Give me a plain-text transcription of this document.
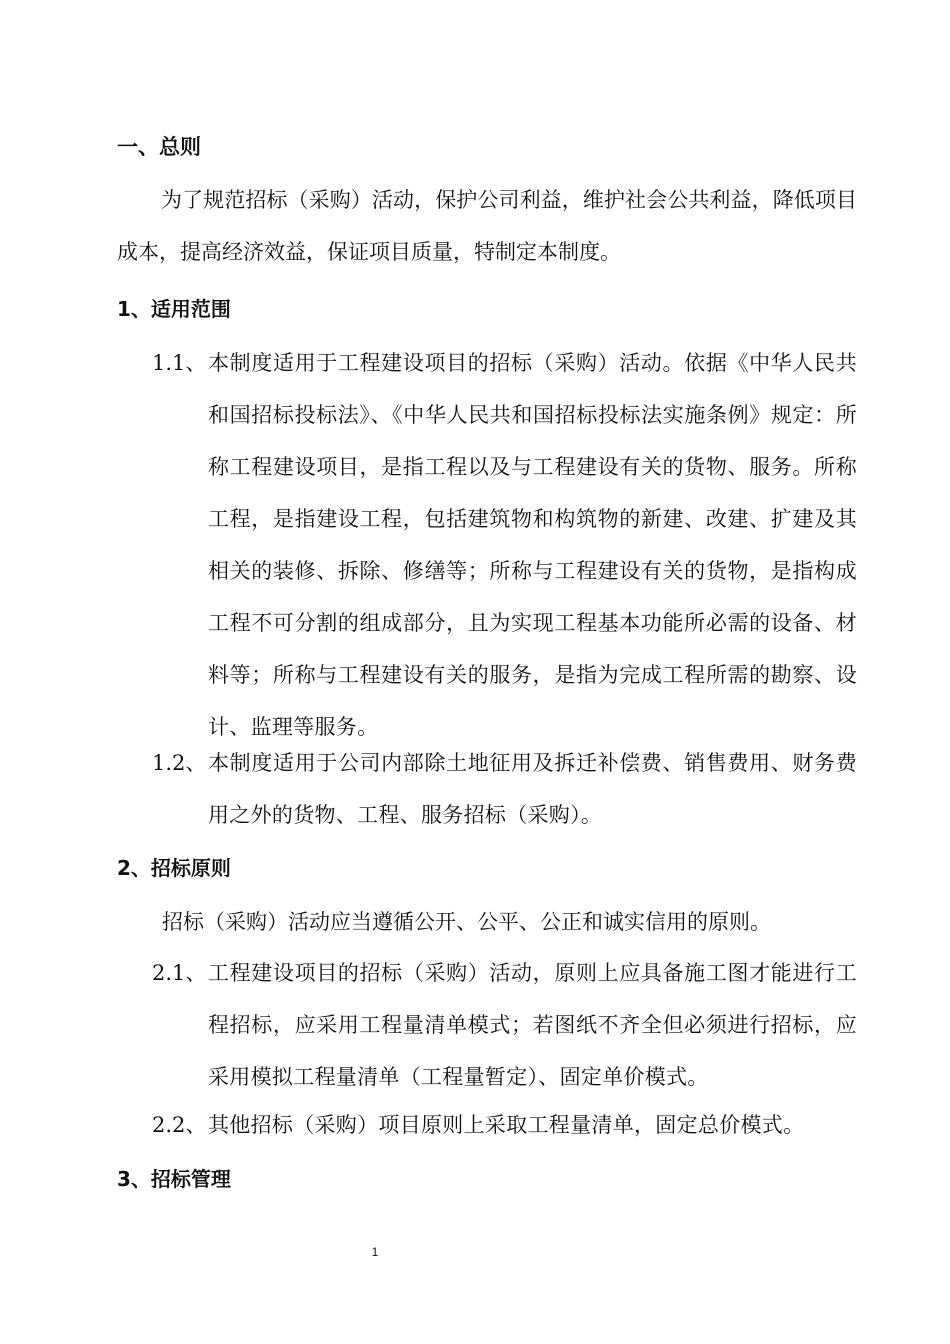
一、总则
为了规范招标（采购）活动，保护公司利益，维护社会公共利益，降低项目成本，提高经济效益，保证项目质量，特制定本制度。
1、适用范围
1.1、 本制度适用于工程建设项目的招标（采购）活动。依据《中华人民共和国招标投标法》、《中华人民共和国招标投标法实施条例》规定：所称工程建设项目，是指工程以及与工程建设有关的货物、服务。所称工程，是指建设工程，包括建筑物和构筑物的新建、改建、扩建及其相关的装修、拆除、修缮等；所称与工程建设有关的货物，是指构成工程不可分割的组成部分，且为实现工程基本功能所必需的设备、材料等；所称与工程建设有关的服务，是指为完成工程所需的勘察、设计、监理等服务。
1.2、 本制度适用于公司内部除土地征用及拆迁补偿费、销售费用、财务费用之外的货物、工程、服务招标（采购）。
2、招标原则
招标（采购）活动应当遵循公开、公平、公正和诚实信用的原则。
2.1、 工程建设项目的招标（采购）活动，原则上应具备施工图才能进行工程招标，应采用工程量清单模式；若图纸不齐全但必须进行招标，应采用模拟工程量清单（工程量暂定）、固定单价模式。
2.2、 其他招标（采购）项目原则上采取工程量清单，固定总价模式。
3、招标管理
1
